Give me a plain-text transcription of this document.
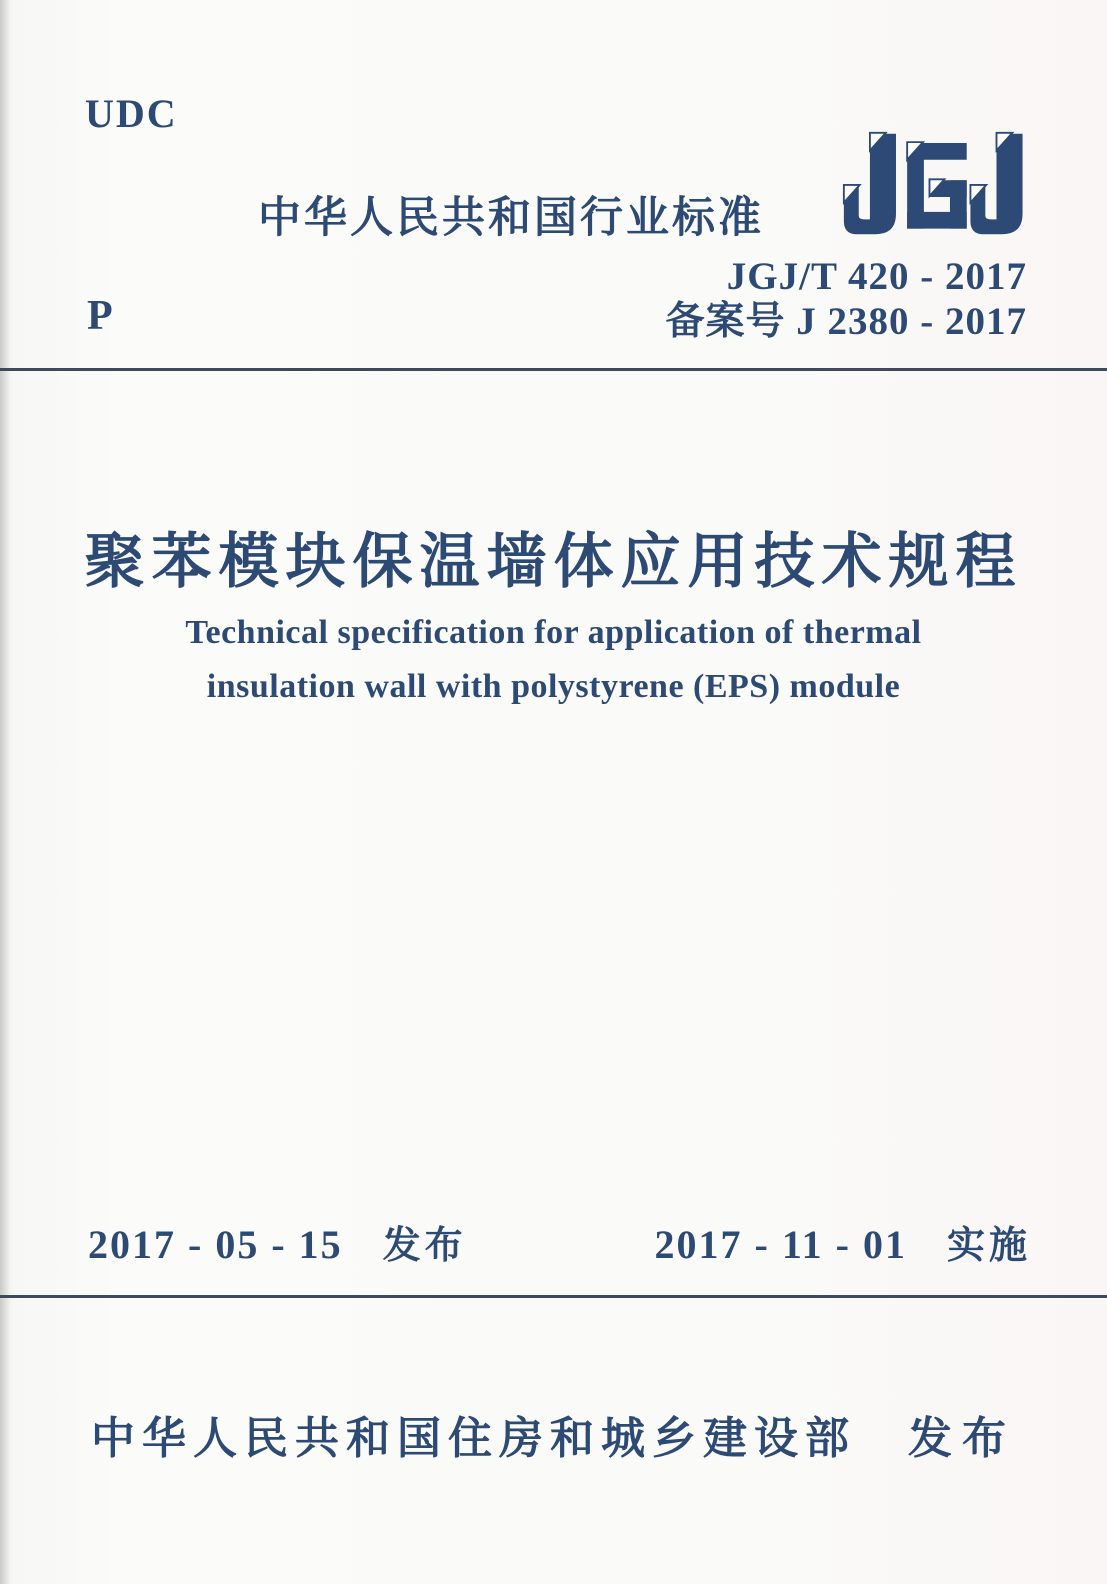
UDC
中华人民共和国行业标准
JGJ/T 420 - 2017
备案号 J 2380 - 2017
P
聚苯模块保温墙体应用技术规程
Technical specification for application of thermal
insulation wall with polystyrene (EPS) module
2017 - 05 - 15 发布	2017 - 11 - 01 实施
中华人民共和国住房和城乡建设部 发布
